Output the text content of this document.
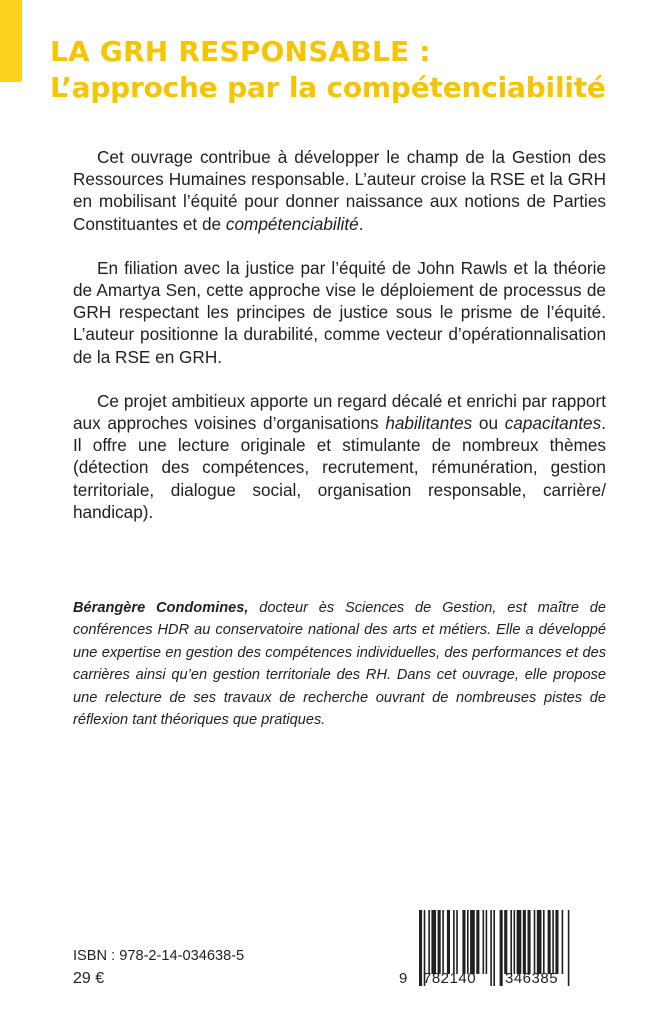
LA GRH RESPONSABLE :
L’approche par la compétenciabilité

Cet ouvrage contribue à développer le champ de la Gestion des Ressources Humaines responsable. L’auteur croise la RSE et la GRH en mobilisant l’équité pour donner naissance aux notions de Parties Constituantes et de compétenciabilité.

En filiation avec la justice par l’équité de John Rawls et la théorie de Amartya Sen, cette approche vise le déploiement de processus de GRH respectant les principes de justice sous le prisme de l’équité. L’auteur positionne la durabilité, comme vecteur d’opérationnalisation de la RSE en GRH.

Ce projet ambitieux apporte un regard décalé et enrichi par rapport aux approches voisines d’organisations habilitantes ou capacitantes. Il offre une lecture originale et stimulante de nombreux thèmes (détection des compétences, recrutement, rémunération, gestion territoriale, dialogue social, organisation responsable, carrière/ handicap).

Bérangère Condomines, docteur ès Sciences de Gestion, est maître de conférences HDR au conservatoire national des arts et métiers. Elle a développé une expertise en gestion des compétences individuelles, des performances et des carrières ainsi qu’en gestion territoriale des RH. Dans cet ouvrage, elle propose une relecture de ses travaux de recherche ouvrant de nombreuses pistes de réflexion tant théoriques que pratiques.

ISBN : 978-2-14-034638-5
29 €	9 782140 346385
